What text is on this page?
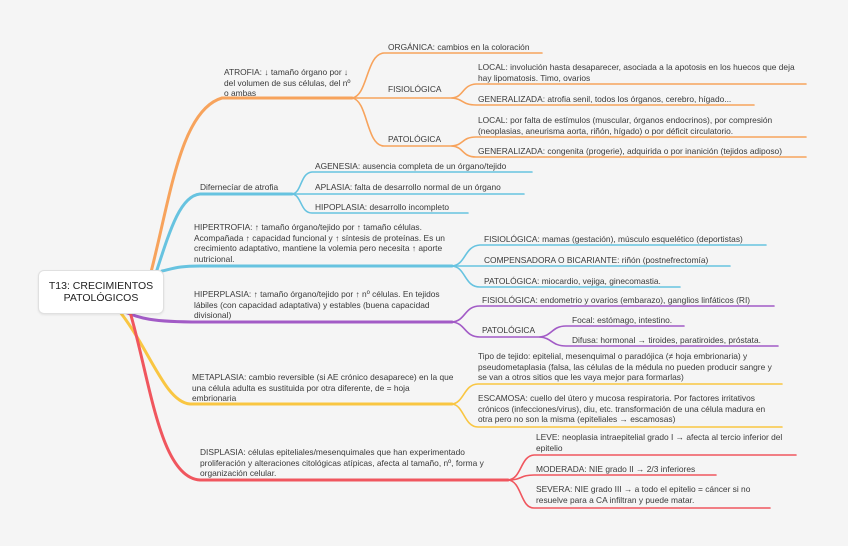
T13: CRECIMIENTOS PATOLÓGICOS
ATROFIA: ↓ tamaño órgano por ↓ del volumen de sus células, del nº o ambas
ORGÁNICA: cambios en la coloración
FISIOLÓGICA
LOCAL: involución hasta desaparecer, asociada a la apotosis en los huecos que deja hay lipomatosis. Timo, ovarios
GENERALIZADA: atrofia senil, todos los órganos, cerebro, hígado...
PATOLÓGICA
LOCAL: por falta de estímulos (muscular, órganos endocrinos), por compresión (neoplasias, aneurisma aorta, riñón, hígado) o por déficit circulatorio.
GENERALIZADA: congenita (progerie), adquirida o por inanición (tejidos adiposo)
Difernecíar de atrofia
AGENESIA: ausencia completa de un órgano/tejido
APLASIA: falta de desarrollo normal de un órgano
HIPOPLASIA: desarrollo incompleto
HIPERTROFIA: ↑ tamaño órgano/tejido por ↑ tamaño células. Acompañada ↑ capacidad funcional y ↑ síntesis de proteínas. Es un crecimiento adaptativo, mantiene la volemia pero necesita ↑ aporte nutricional.
FISIOLÓGICA: mamas (gestación), músculo esquelético (deportistas)
COMPENSADORA O BICARIANTE: riñón (postnefrectomía)
PATOLÓGICA: miocardio, vejiga, ginecomastia.
HIPERPLASIA: ↑ tamaño órgano/tejido por ↑ nº células. En tejidos lábiles (con capacidad adaptativa) y estables (buena capacidad divisional)
FISIOLÓGICA: endometrio y ovarios (embarazo), ganglios linfáticos (RI)
PATOLÓGICA
Focal: estómago, intestino.
Difusa: hormonal → tiroides, paratiroides, próstata.
METAPLASIA: cambio reversible (si AE crónico desaparece) en la que una célula adulta es sustituida por otra diferente, de = hoja embrionaria
Tipo de tejido: epitelial, mesenquimal o paradójica (≠ hoja embrionaria) y pseudometaplasia (falsa, las células de la médula no pueden producir sangre y se van a otros sitios que les vaya mejor para formarlas)
ESCAMOSA: cuello del útero y mucosa respiratoria. Por factores irritativos crónicos (infecciones/virus), diu, etc. transformación de una célula madura en otra pero no son la misma (epiteliales → escamosas)
DISPLASIA: células epiteliales/mesenquimales que han experimentado proliferación y alteraciones citológicas atípicas, afecta al tamaño, nº, forma y organización celular.
LEVE: neoplasia intraepitelial grado I → afecta al tercio inferior del epitelio
MODERADA: NIE grado II → 2/3 inferiores
SEVERA: NIE grado III → a todo el epitelio = cáncer si no resuelve para a CA infiltran y puede matar.
